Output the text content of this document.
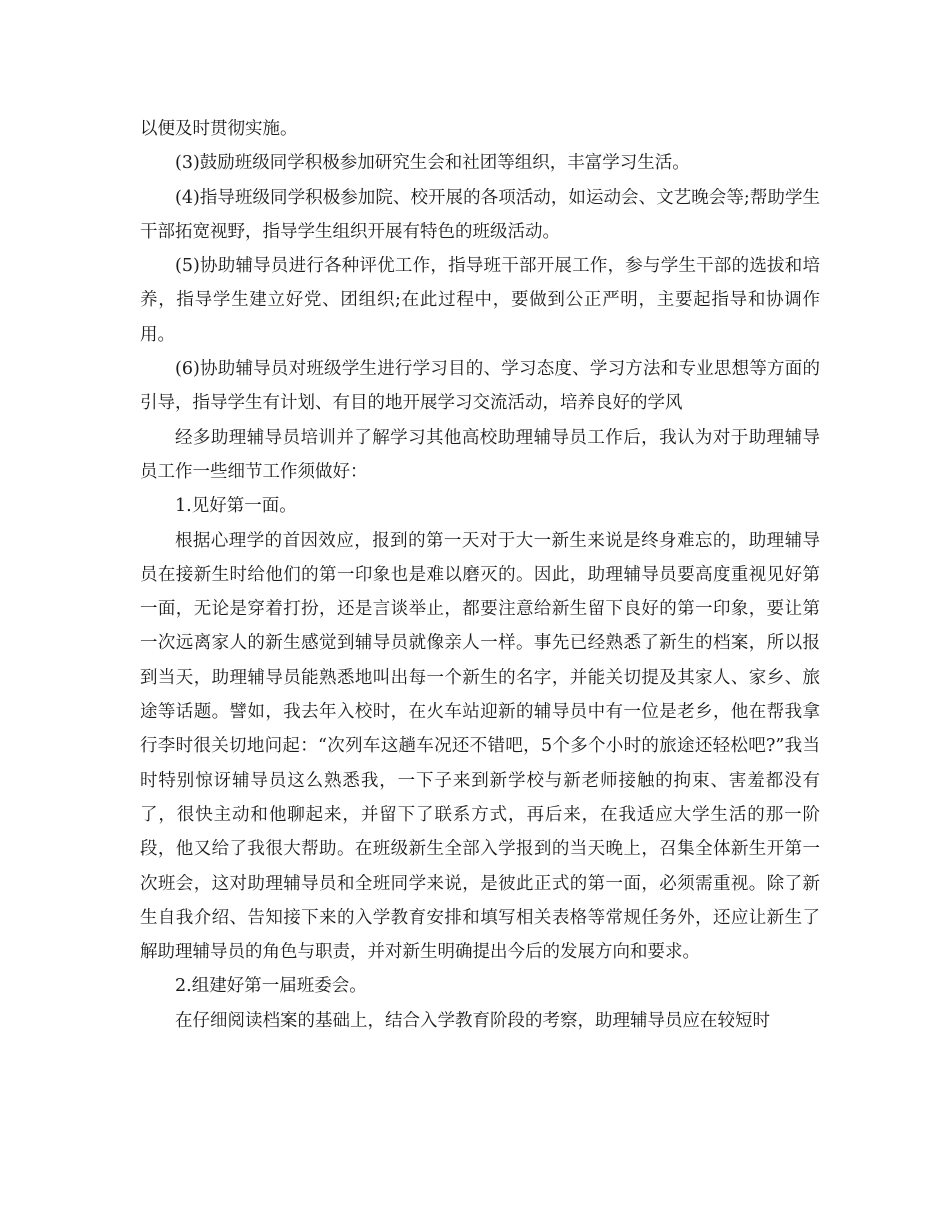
以便及时贯彻实施。

(3)鼓励班级同学积极参加研究生会和社团等组织，丰富学习生活。

(4)指导班级同学积极参加院、校开展的各项活动，如运动会、文艺晚会等;帮助学生干部拓宽视野，指导学生组织开展有特色的班级活动。

(5)协助辅导员进行各种评优工作，指导班干部开展工作，参与学生干部的选拔和培养，指导学生建立好党、团组织;在此过程中，要做到公正严明，主要起指导和协调作用。

(6)协助辅导员对班级学生进行学习目的、学习态度、学习方法和专业思想等方面的引导，指导学生有计划、有目的地开展学习交流活动，培养良好的学风

经多助理辅导员培训并了解学习其他高校助理辅导员工作后，我认为对于助理辅导员工作一些细节工作须做好：

1.见好第一面。

根据心理学的首因效应，报到的第一天对于大一新生来说是终身难忘的，助理辅导员在接新生时给他们的第一印象也是难以磨灭的。因此，助理辅导员要高度重视见好第一面，无论是穿着打扮，还是言谈举止，都要注意给新生留下良好的第一印象，要让第一次远离家人的新生感觉到辅导员就像亲人一样。事先已经熟悉了新生的档案，所以报到当天，助理辅导员能熟悉地叫出每一个新生的名字，并能关切提及其家人、家乡、旅途等话题。譬如，我去年入校时，在火车站迎新的辅导员中有一位是老乡，他在帮我拿行李时很关切地问起：“次列车这趟车况还不错吧，5个多个小时的旅途还轻松吧?”我当时特别惊讶辅导员这么熟悉我，一下子来到新学校与新老师接触的拘束、害羞都没有了，很快主动和他聊起来，并留下了联系方式，再后来，在我适应大学生活的那一阶段，他又给了我很大帮助。在班级新生全部入学报到的当天晚上，召集全体新生开第一次班会，这对助理辅导员和全班同学来说，是彼此正式的第一面，必须需重视。除了新生自我介绍、告知接下来的入学教育安排和填写相关表格等常规任务外，还应让新生了解助理辅导员的角色与职责，并对新生明确提出今后的发展方向和要求。

2.组建好第一届班委会。

在仔细阅读档案的基础上，结合入学教育阶段的考察，助理辅导员应在较短时
